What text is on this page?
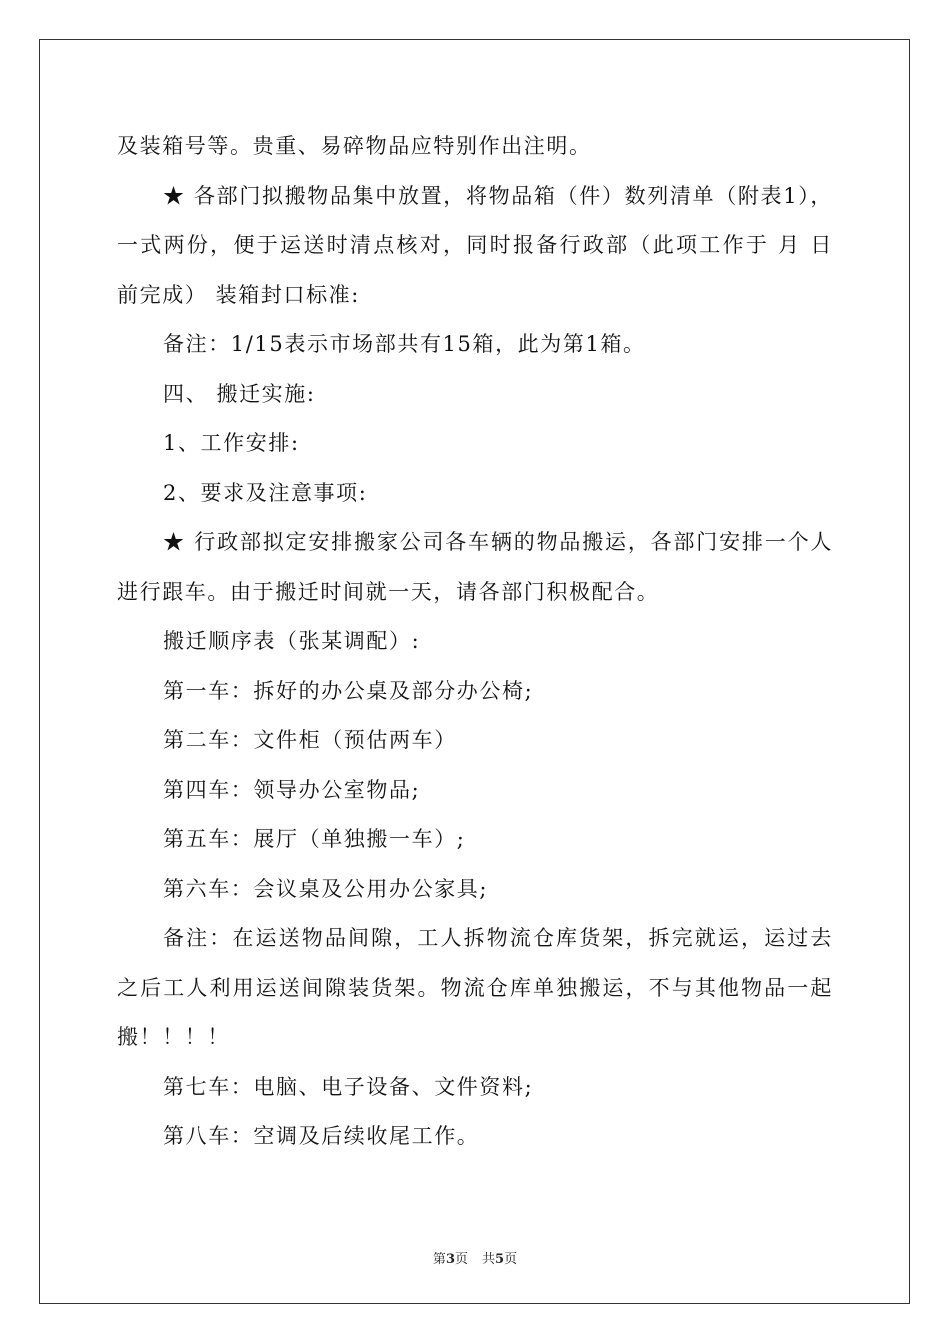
及装箱号等。贵重、易碎物品应特别作出注明。

★ 各部门拟搬物品集中放置，将物品箱（件）数列清单（附表1），一式两份，便于运送时清点核对，同时报备行政部（此项工作于 月 日 前完成） 装箱封口标准:

备注：1/15表示市场部共有15箱，此为第1箱。

四、 搬迁实施:

1、工作安排:

2、要求及注意事项:

★ 行政部拟定安排搬家公司各车辆的物品搬运，各部门安排一个人进行跟车。由于搬迁时间就一天，请各部门积极配合。

搬迁顺序表（张某调配）:

第一车：拆好的办公桌及部分办公椅;

第二车：文件柜（预估两车）

第四车：领导办公室物品;

第五车：展厅（单独搬一车）;

第六车：会议桌及公用办公家具;

备注：在运送物品间隙，工人拆物流仓库货架，拆完就运，运过去之后工人利用运送间隙装货架。物流仓库单独搬运，不与其他物品一起搬！！！！

第七车：电脑、电子设备、文件资料;

第八车：空调及后续收尾工作。

第3页 共5页
